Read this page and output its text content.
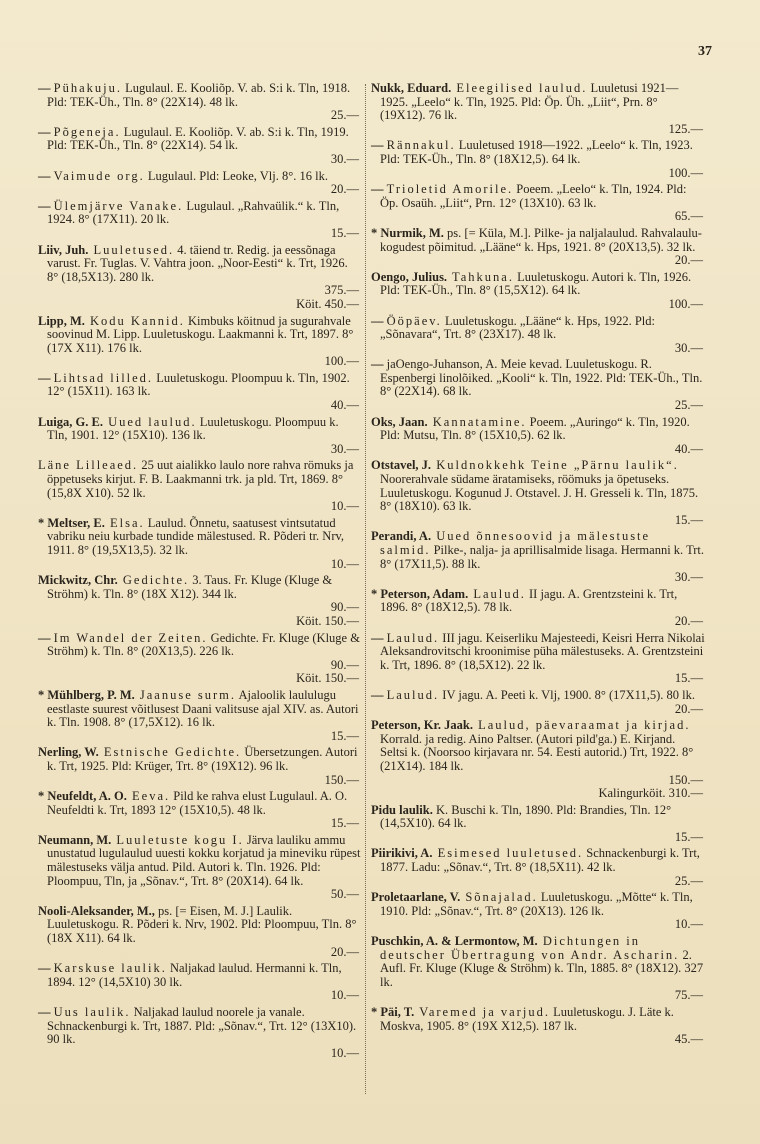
37
— Pühakuju. Lugulaul. E. Kooliõp. V. ab. S:i k. Tln, 1918. Pld: TEK-Üh., Tln. 8° (22X14). 48 lk.
25.—
— Põgeneja. Lugulaul. E. Kooliõp. V. ab. S:i k. Tln, 1919. Pld: TEK-Üh., Tln. 8° (22X14). 54 lk.
30.—
— Vaimude org. Lugulaul. Pld: Leoke, Vlj. 8°. 16 lk.
20.—
— Ülemjärve Vanake. Lugulaul. „Rahvaülik.“ k. Tln, 1924. 8° (17X11). 20 lk.
15.—
Liiv, Juh. Luuletused. 4. täiend tr. Redig. ja eessõnaga varust. Fr. Tuglas. V. Vahtra joon. „Noor-Eesti“ k. Trt, 1926. 8° (18,5X13). 280 lk.
375.—
Köit. 450.—
Lipp, M. Kodu Kannid. Kimbuks köitnud ja sugurahvale soovinud M. Lipp. Luuletuskogu. Laakmanni k. Trt, 1897. 8° (17X X11). 176 lk.
100.—
— Lihtsad lilled. Luuletuskogu. Ploompuu k. Tln, 1902. 12° (15X11). 163 lk.
40.—
Luiga, G. E. Uued laulud. Luuletuskogu. Ploompuu k. Tln, 1901. 12° (15X10). 136 lk.
30.—
Läne Lilleaed. 25 uut aialikko laulo nore rahva römuks ja öppetuseks kirjut. F. B. Laakmanni trk. ja pld. Trt, 1869. 8° (15,8X X10). 52 lk.
10.—
* Meltser, E. Elsa. Laulud. Õnnetu, saatusest vintsutatud vabriku neiu kurbade tundide mälestused. R. Põderi tr. Nrv, 1911. 8° (19,5X13,5). 32 lk.
10.—
Mickwitz, Chr. Gedichte. 3. Taus. Fr. Kluge (Kluge & Ströhm) k. Tln. 8° (18X X12). 344 lk.
90.—
Köit. 150.—
— Im Wandel der Zeiten. Gedichte. Fr. Kluge (Kluge & Ströhm) k. Tln. 8° (20X13,5). 226 lk.
90.—
Köit. 150.—
* Mühlberg, P. M. Jaanuse surm. Ajaloolik laululugu eestlaste suurest võitlusest Daani valitsuse ajal XIV. as. Autori k. Tln. 1908. 8° (17,5X12). 16 lk.
15.—
Nerling, W. Estnische Gedichte. Übersetzungen. Autori k. Trt, 1925. Pld: Krüger, Trt. 8° (19X12). 96 lk.
150.—
* Neufeldt, A. O. Eeva. Pild ke rahva elust Lugulaul. A. O. Neufeldti k. Trt, 1893 12° (15X10,5). 48 lk.
15.—
Neumann, M. Luuletuste kogu I. Järva lauliku ammu unustatud lugulaulud uuesti kokku korjatud ja mineviku rüpest mälestuseks välja antud. Pild. Autori k. Tln. 1926. Pld: Ploompuu, Tln, ja „Sõnav.“, Trt. 8° (20X14). 64 lk.
50.—
Nooli-Aleksander, M., ps. [= Eisen, M. J.] Laulik. Luuletuskogu. R. Põderi k. Nrv, 1902. Pld: Ploompuu, Tln. 8° (18X X11). 64 lk.
20.—
— Karskuse laulik. Naljakad laulud. Hermanni k. Tln, 1894. 12° (14,5X10) 30 lk.
10.—
— Uus laulik. Naljakad laulud noorele ja vanale. Schnackenburgi k. Trt, 1887. Pld: „Sõnav.“, Trt. 12° (13X10). 90 lk.
10.—
Nukk, Eduard. Eleegilised laulud. Luuletusi 1921—1925. „Leelo“ k. Tln, 1925. Pld: Öp. Üh. „Liit“, Prn. 8° (19X12). 76 lk.
125.—
— Rännakul. Luuletused 1918—1922. „Leelo“ k. Tln, 1923. Pld: TEK-Üh., Tln. 8° (18X12,5). 64 lk.
100.—
— Trioletid Amorile. Poeem. „Leelo“ k. Tln, 1924. Pld: Öp. Osaüh. „Liit“, Prn. 12° (13X10). 63 lk.
65.—
* Nurmik, M. ps. [= Küla, M.]. Pilke- ja naljalaulud. Rahvalaulu-kogudest põimitud. „Lääne“ k. Hps, 1921. 8° (20X13,5). 32 lk.
20.—
Oengo, Julius. Tahkuna. Luuletuskogu. Autori k. Tln, 1926. Pld: TEK-Üh., Tln. 8° (15,5X12). 64 lk.
100.—
— Ööpäev. Luuletuskogu. „Lääne“ k. Hps, 1922. Pld: „Sõnavara“, Trt. 8° (23X17). 48 lk.
30.—
— jaOengo-Juhanson, A. Meie kevad. Luuletuskogu. R. Espenbergi linolõiked. „Kooli“ k. Tln, 1922. Pld: TEK-Üh., Tln. 8° (22X14). 68 lk.
25.—
Oks, Jaan. Kannatamine. Poeem. „Auringo“ k. Tln, 1920. Pld: Mutsu, Tln. 8° (15X10,5). 62 lk.
40.—
Otstavel, J. Kuldnokkehk Teine „Pärnu laulik“. Noorerahvale südame äratamiseks, röömuks ja öpetuseks. Luuletuskogu. Kogunud J. Otstavel. J. H. Gresseli k. Tln, 1875. 8° (18X10). 63 lk.
15.—
Perandi, A. Uued õnnesoovid ja mälestuste salmid. Pilke-, nalja- ja aprillisalmide lisaga. Hermanni k. Trt. 8° (17X11,5). 88 lk.
30.—
* Peterson, Adam. Laulud. II jagu. A. Grentzsteini k. Trt, 1896. 8° (18X12,5). 78 lk.
20.—
— Laulud. III jagu. Keiserliku Majesteedi, Keisri Herra Nikolai Aleksandrovitschi kroonimise püha mälestuseks. A. Grentzsteini k. Trt, 1896. 8° (18,5X12). 22 lk.
15.—
— Laulud. IV jagu. A. Peeti k. Vlj, 1900. 8° (17X11,5). 80 lk.
20.—
Peterson, Kr. Jaak. Laulud, päevaraamat ja kirjad. Korrald. ja redig. Aino Paltser. (Autori pild'ga.) E. Kirjand. Seltsi k. (Noorsoo kirjavara nr. 54. Eesti autorid.) Trt, 1922. 8° (21X14). 184 lk.
150.—
Kalingurköit. 310.—
Pidu laulik. K. Buschi k. Tln, 1890. Pld: Brandies, Tln. 12° (14,5X10). 64 lk.
15.—
Piirikivi, A. Esimesed luuletused. Schnackenburgi k. Trt, 1877. Ladu: „Sõnav.“, Trt. 8° (18,5X11). 42 lk.
25.—
Proletaarlane, V. Sõnajalad. Luuletuskogu. „Mõtte“ k. Tln, 1910. Pld: „Sõnav.“, Trt. 8° (20X13). 126 lk.
10.—
Puschkin, A. & Lermontow, M. Dichtungen in deutscher Übertragung von Andr. Ascharin. 2. Aufl. Fr. Kluge (Kluge & Ströhm) k. Tln, 1885. 8° (18X12). 327 lk.
75.—
* Päi, T. Varemed ja varjud. Luuletuskogu. J. Läte k. Moskva, 1905. 8° (19X X12,5). 187 lk.
45.—
